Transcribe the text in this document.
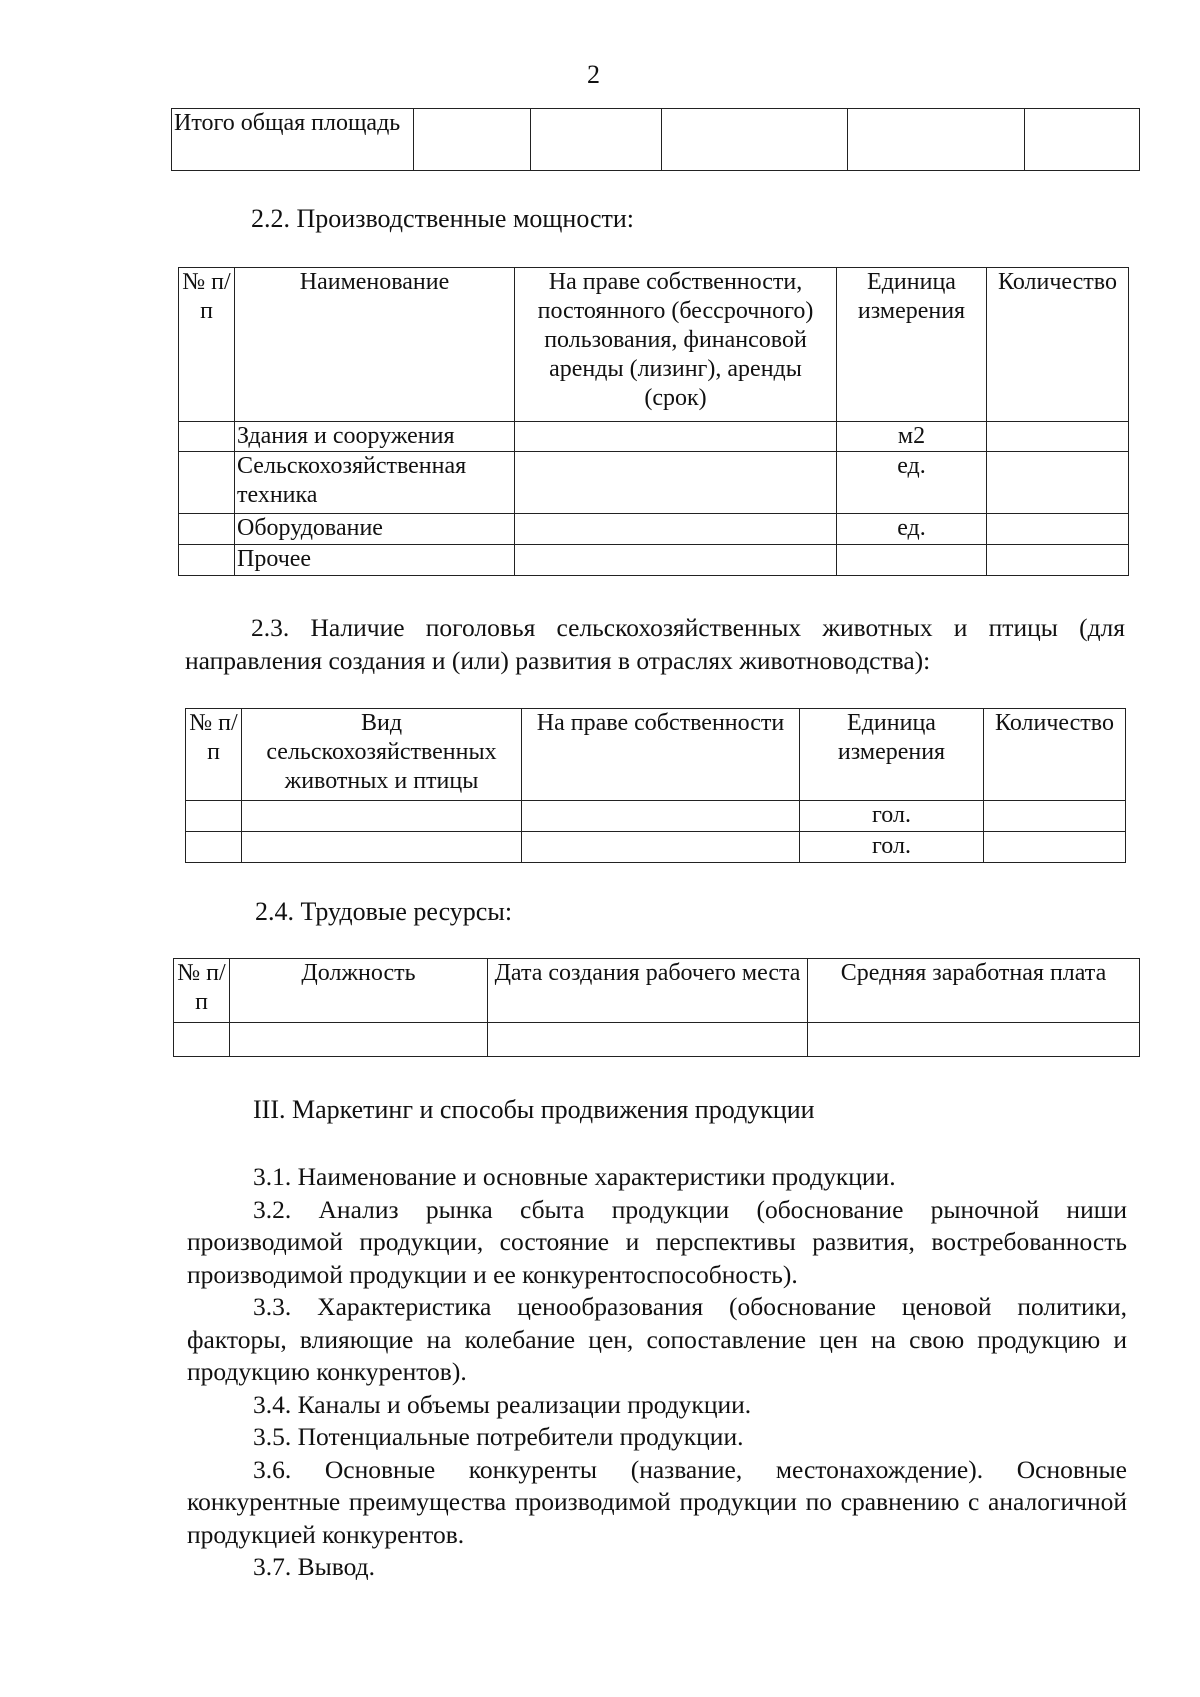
2
Итого общая площадь					
2.2. Производственные мощности:
№ п/п	Наименование	На праве собственности, постоянного (бессрочного) пользования, финансовой аренды (лизинг), аренды (срок)	Единица измерения	Количество
	Здания и сооружения		м2	
	Сельскохозяйственная техника		ед.	
	Оборудование		ед.	
	Прочее			

2.3. Наличие поголовья сельскохозяйственных животных и птицы (для направления создания и (или) развития в отраслях животноводства):

№ п/п	Вид сельскохозяйственных животных и птицы	На праве собственности	Единица измерения	Количество
			гол.	
			гол.	
2.4. Трудовые ресурсы:
№ п/п	Должность	Дата создания рабочего места	Средняя заработная плата

III. Маркетинг и способы продвижения продукции

3.1. Наименование и основные характеристики продукции.

3.2. Анализ рынка сбыта продукции (обоснование рыночной ниши производимой продукции, состояние и перспективы развития, востребованность производимой продукции и ее конкурентоспособность).

3.3. Характеристика ценообразования (обоснование ценовой политики, факторы, влияющие на колебание цен, сопоставление цен на свою продукцию и продукцию конкурентов).

3.4. Каналы и объемы реализации продукции.

3.5. Потенциальные потребители продукции.

3.6. Основные конкуренты (название, местонахождение). Основные конкурентные преимущества производимой продукции по сравнению с аналогичной продукцией конкурентов.

3.7. Вывод.
